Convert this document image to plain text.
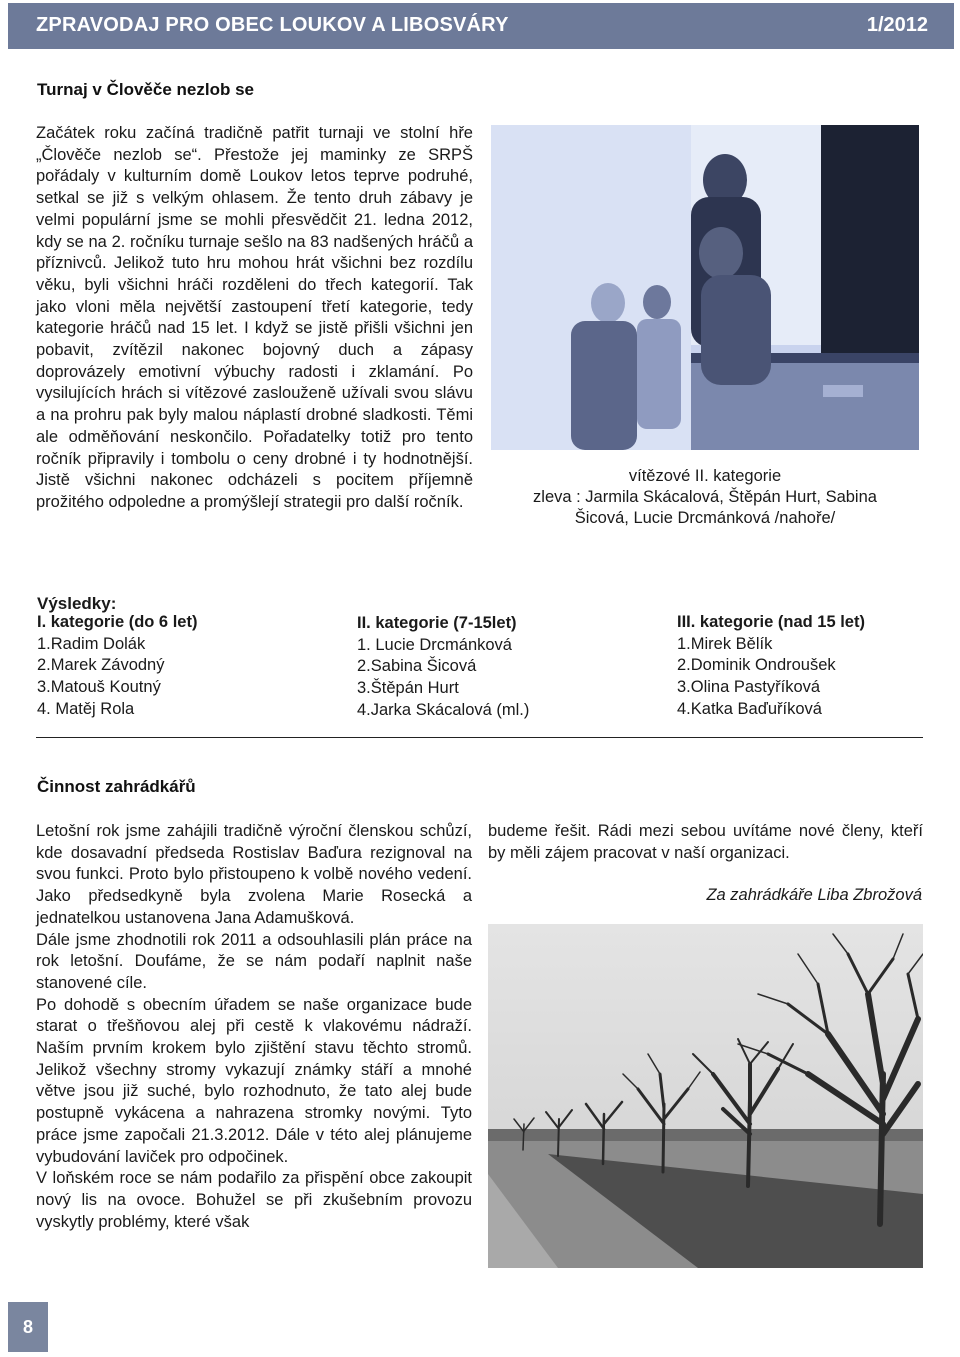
ZPRAVODAJ PRO OBEC LOUKOV A LIBOSVÁRY	1/2012
Turnaj v Člověče nezlob se

Začátek roku začíná tradičně patřit turnaji ve stolní hře „Člověče nezlob se“. Přestože jej maminky ze SRPŠ pořádaly v kulturním domě Loukov letos teprve podruhé, setkal se již s velkým ohlasem. Že tento druh zábavy je velmi populární jsme se mohli přesvědčit 21. ledna 2012, kdy se na 2. ročníku turnaje sešlo na 83 nadšených hráčů a příznivců. Jelikož tuto hru mohou hrát všichni bez rozdílu věku, byli všichni hráči rozděleni do třech kategorií. Tak jako vloni měla největší zastoupení třetí kategorie, tedy kategorie hráčů nad 15 let. I když se jistě přišli všichni jen pobavit, zvítězil nakonec bojovný duch a zápasy doprovázely emotivní výbuchy radosti i zklamání. Po vysilujících hrách si vítězové zaslouženě užívali svou slávu a na prohru pak byly malou náplastí drobné sladkosti. Těmi ale odměňování neskončilo. Pořadatelky totiž pro tento ročník připravily i tombolu o ceny drobné i ty hodnotnější. Jistě všichni nakonec odcházeli s pocitem příjemně prožitého odpoledne a promýšlejí strategii pro další ročník.

vítězové II. kategorie
zleva : Jarmila Skácalová, Štěpán Hurt, Sabina Šicová, Lucie Drcmánková /nahoře/
Výsledky:
I. kategorie (do 6 let)
1.Radim Dolák
2.Marek Závodný
3.Matouš Koutný
4. Matěj Rola
II. kategorie (7-15let)
1. Lucie Drcmánková
2.Sabina Šicová
3.Štěpán Hurt
4.Jarka Skácalová (ml.)
III. kategorie (nad 15 let)
1.Mirek Bělík
2.Dominik Ondroušek
3.Olina Pastyříková
4.Katka Baďuříková
Činnost zahrádkářů

Letošní rok jsme zahájili tradičně výroční členskou schůzí, kde dosavadní předseda Rostislav Baďura rezignoval na svou funkci. Proto bylo přistoupeno k volbě nového vedení. Jako předsedkyně byla zvolena Marie Rosecká a jednatelkou ustanovena Jana Adamušková.

Dále jsme zhodnotili rok 2011 a odsouhlasili plán práce na rok letošní. Doufáme, že se nám podaří naplnit naše stanovené cíle.

Po dohodě s obecním úřadem se naše organizace bude starat o třešňovou alej při cestě k vlakovému nádraží. Naším prvním krokem bylo zjištění stavu těchto stromů. Jelikož všechny stromy vykazují známky stáří a mnohé větve jsou již suché, bylo rozhodnuto, že tato alej bude postupně vykácena a nahrazena stromky novými. Tyto práce jsme započali 21.3.2012. Dále v této alej plánujeme vybudování laviček pro odpočinek.

V loňském roce se nám podařilo za přispění obce zakoupit nový lis na ovoce. Bohužel se při zkušebním provozu vyskytly problémy, které však

budeme řešit. Rádi mezi sebou uvítáme nové členy, kteří by měli zájem pracovat v naší organizaci.

Za zahrádkáře Liba Zbrožová
8
